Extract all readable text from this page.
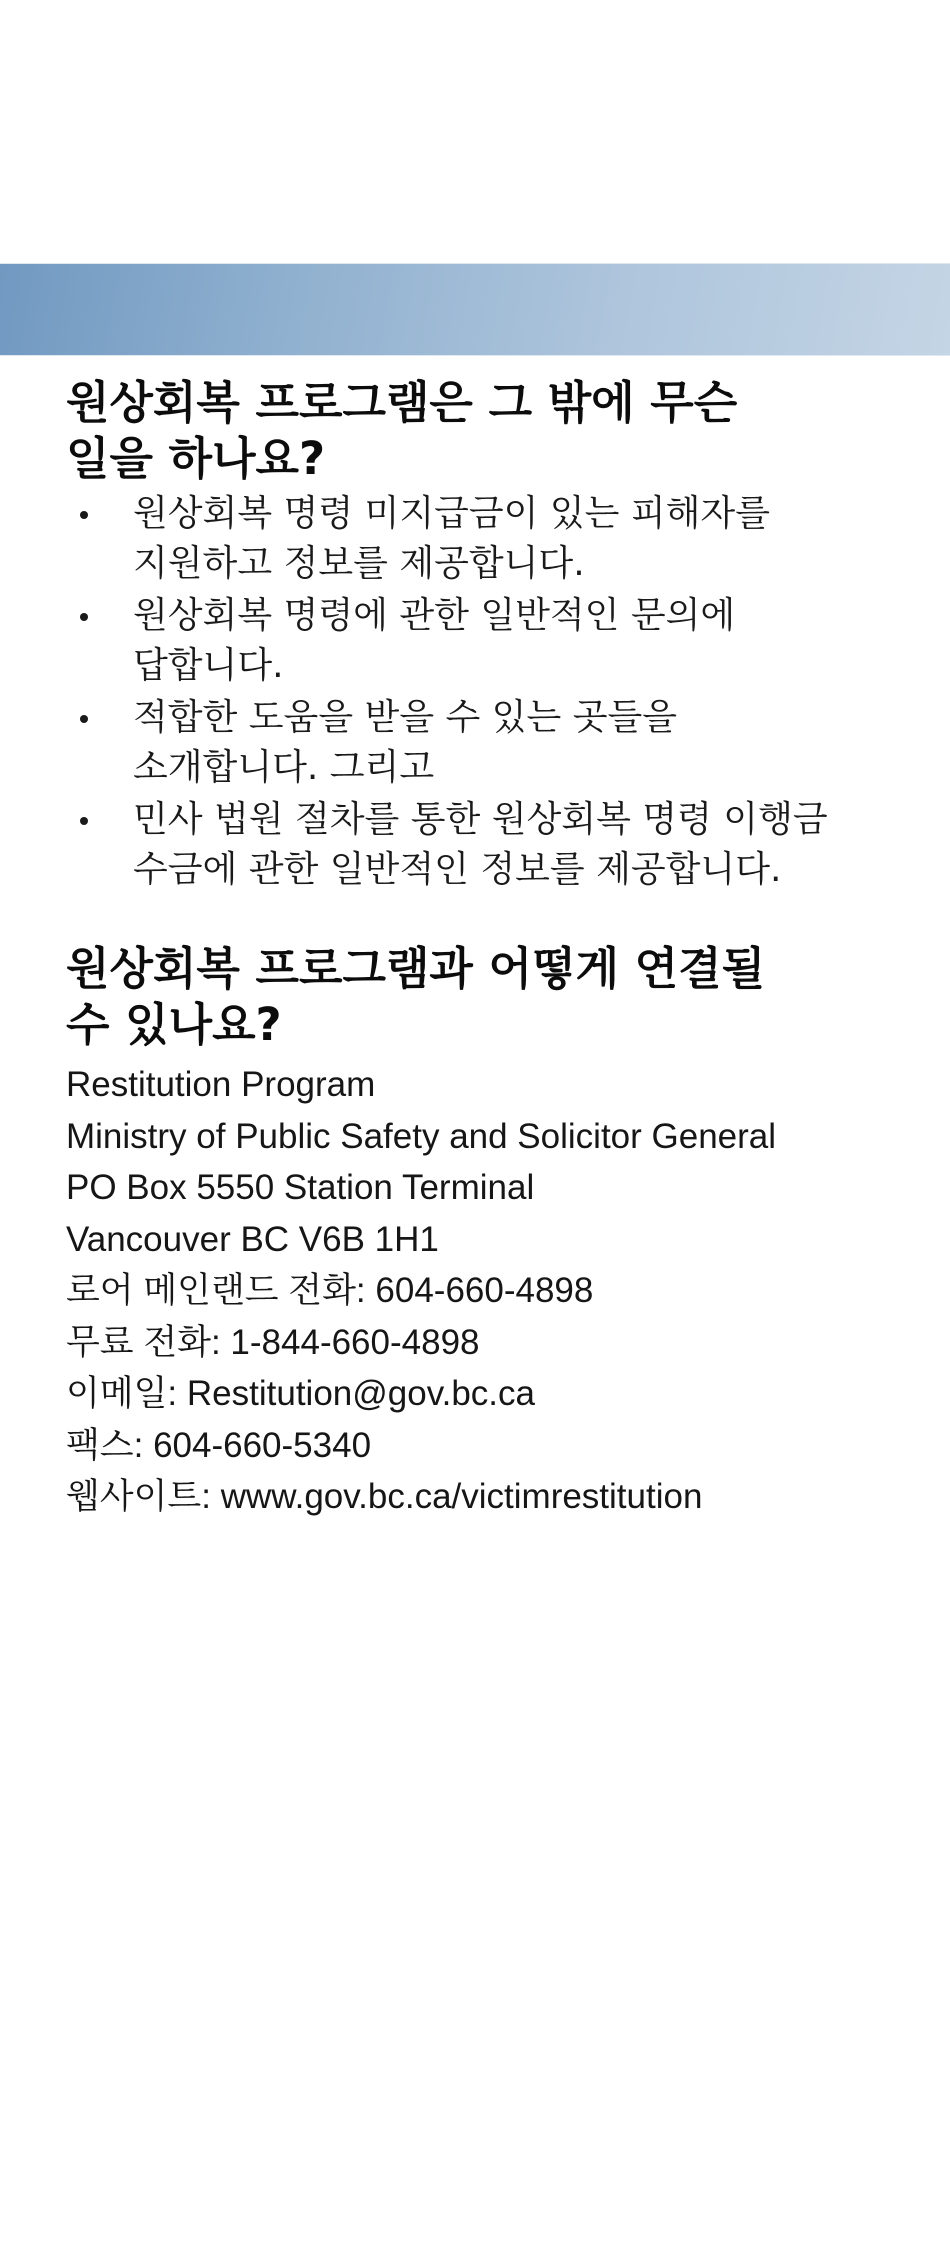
원상회복 프로그램은 그 밖에 무슨
일을 하나요?
원상회복 명령 미지급금이 있는 피해자를
지원하고 정보를 제공합니다.
원상회복 명령에 관한 일반적인 문의에
답합니다.
적합한 도움을 받을 수 있는 곳들을
소개합니다. 그리고
민사 법원 절차를 통한 원상회복 명령 이행금
수금에 관한 일반적인 정보를 제공합니다.
원상회복 프로그램과 어떻게 연결될
수 있나요?
Restitution Program
Ministry of Public Safety and Solicitor General
PO Box 5550 Station Terminal
Vancouver BC V6B 1H1
로어 메인랜드 전화: 604-660-4898
무료 전화: 1-844-660-4898
이메일: Restitution@gov.bc.ca
팩스: 604-660-5340
웹사이트: www.gov.bc.ca/victimrestitution
